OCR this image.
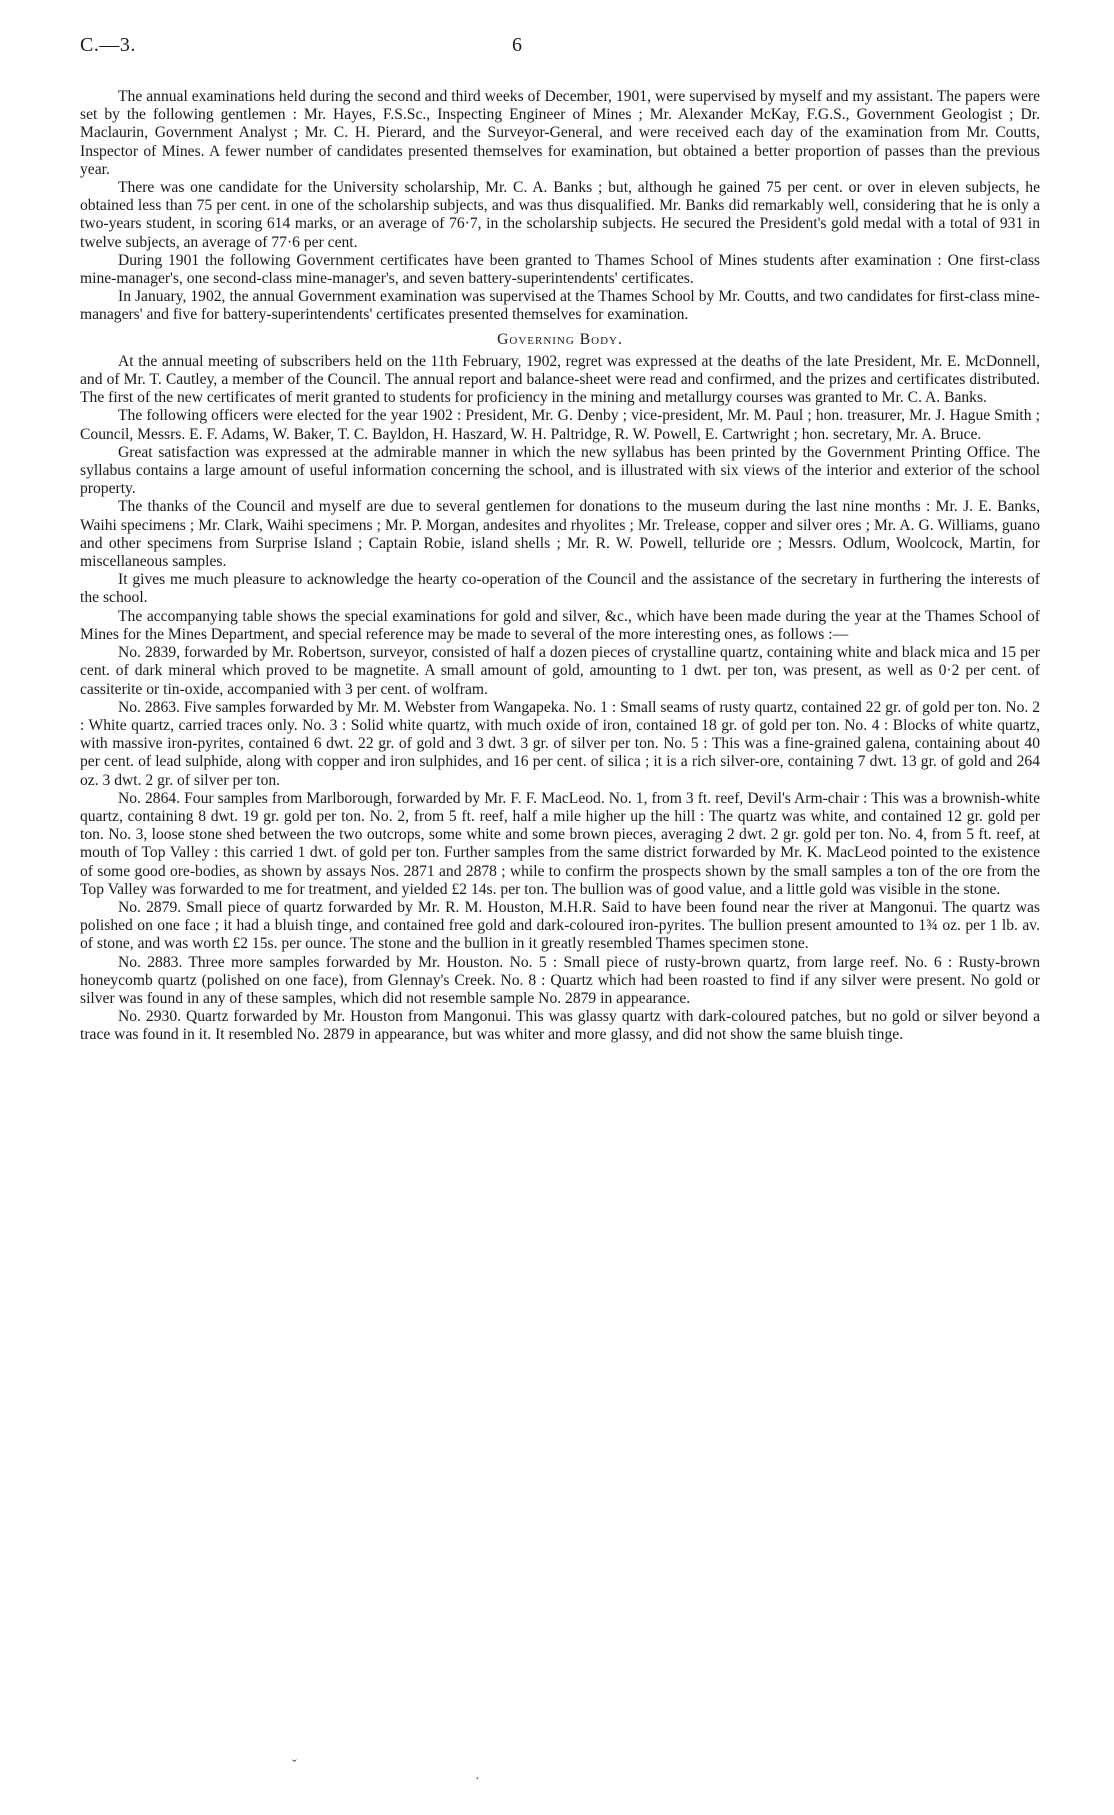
C.—3.	6

The annual examinations held during the second and third weeks of December, 1901, were supervised by myself and my assistant. The papers were set by the following gentlemen : Mr. Hayes, F.S.Sc., Inspecting Engineer of Mines ; Mr. Alexander McKay, F.G.S., Government Geologist ; Dr. Maclaurin, Government Analyst ; Mr. C. H. Pierard, and the Surveyor-General, and were received each day of the examination from Mr. Coutts, Inspector of Mines. A fewer number of candidates presented themselves for examination, but obtained a better proportion of passes than the previous year.

There was one candidate for the University scholarship, Mr. C. A. Banks ; but, although he gained 75 per cent. or over in eleven subjects, he obtained less than 75 per cent. in one of the scholarship subjects, and was thus disqualified. Mr. Banks did remarkably well, considering that he is only a two-years student, in scoring 614 marks, or an average of 76·7, in the scholarship subjects. He secured the President's gold medal with a total of 931 in twelve subjects, an average of 77·6 per cent.

During 1901 the following Government certificates have been granted to Thames School of Mines students after examination : One first-class mine-manager's, one second-class mine-manager's, and seven battery-superintendents' certificates.

In January, 1902, the annual Government examination was supervised at the Thames School by Mr. Coutts, and two candidates for first-class mine-managers' and five for battery-superintendents' certificates presented themselves for examination.

Governing Body.

At the annual meeting of subscribers held on the 11th February, 1902, regret was expressed at the deaths of the late President, Mr. E. McDonnell, and of Mr. T. Cautley, a member of the Council. The annual report and balance-sheet were read and confirmed, and the prizes and certificates distributed. The first of the new certificates of merit granted to students for proficiency in the mining and metallurgy courses was granted to Mr. C. A. Banks.

The following officers were elected for the year 1902 : President, Mr. G. Denby ; vice-president, Mr. M. Paul ; hon. treasurer, Mr. J. Hague Smith ; Council, Messrs. E. F. Adams, W. Baker, T. C. Bayldon, H. Haszard, W. H. Paltridge, R. W. Powell, E. Cartwright ; hon. secretary, Mr. A. Bruce.

Great satisfaction was expressed at the admirable manner in which the new syllabus has been printed by the Government Printing Office. The syllabus contains a large amount of useful information concerning the school, and is illustrated with six views of the interior and exterior of the school property.

The thanks of the Council and myself are due to several gentlemen for donations to the museum during the last nine months : Mr. J. E. Banks, Waihi specimens ; Mr. Clark, Waihi specimens ; Mr. P. Morgan, andesites and rhyolites ; Mr. Trelease, copper and silver ores ; Mr. A. G. Williams, guano and other specimens from Surprise Island ; Captain Robie, island shells ; Mr. R. W. Powell, telluride ore ; Messrs. Odlum, Woolcock, Martin, for miscellaneous samples.

It gives me much pleasure to acknowledge the hearty co-operation of the Council and the assistance of the secretary in furthering the interests of the school.

The accompanying table shows the special examinations for gold and silver, &c., which have been made during the year at the Thames School of Mines for the Mines Department, and special reference may be made to several of the more interesting ones, as follows :—

No. 2839, forwarded by Mr. Robertson, surveyor, consisted of half a dozen pieces of crystalline quartz, containing white and black mica and 15 per cent. of dark mineral which proved to be magnetite. A small amount of gold, amounting to 1 dwt. per ton, was present, as well as 0·2 per cent. of cassiterite or tin-oxide, accompanied with 3 per cent. of wolfram.

No. 2863. Five samples forwarded by Mr. M. Webster from Wangapeka. No. 1 : Small seams of rusty quartz, contained 22 gr. of gold per ton. No. 2 : White quartz, carried traces only. No. 3 : Solid white quartz, with much oxide of iron, contained 18 gr. of gold per ton. No. 4 : Blocks of white quartz, with massive iron-pyrites, contained 6 dwt. 22 gr. of gold and 3 dwt. 3 gr. of silver per ton. No. 5 : This was a fine-grained galena, containing about 40 per cent. of lead sulphide, along with copper and iron sulphides, and 16 per cent. of silica ; it is a rich silver-ore, containing 7 dwt. 13 gr. of gold and 264 oz. 3 dwt. 2 gr. of silver per ton.

No. 2864. Four samples from Marlborough, forwarded by Mr. F. F. MacLeod. No. 1, from 3 ft. reef, Devil's Arm-chair : This was a brownish-white quartz, containing 8 dwt. 19 gr. gold per ton. No. 2, from 5 ft. reef, half a mile higher up the hill : The quartz was white, and contained 12 gr. gold per ton. No. 3, loose stone shed between the two outcrops, some white and some brown pieces, averaging 2 dwt. 2 gr. gold per ton. No. 4, from 5 ft. reef, at mouth of Top Valley : this carried 1 dwt. of gold per ton. Further samples from the same district forwarded by Mr. K. MacLeod pointed to the existence of some good ore-bodies, as shown by assays Nos. 2871 and 2878 ; while to confirm the prospects shown by the small samples a ton of the ore from the Top Valley was forwarded to me for treatment, and yielded £2 14s. per ton. The bullion was of good value, and a little gold was visible in the stone.

No. 2879. Small piece of quartz forwarded by Mr. R. M. Houston, M.H.R. Said to have been found near the river at Mangonui. The quartz was polished on one face ; it had a bluish tinge, and contained free gold and dark-coloured iron-pyrites. The bullion present amounted to 1¾ oz. per 1 lb. av. of stone, and was worth £2 15s. per ounce. The stone and the bullion in it greatly resembled Thames specimen stone.

No. 2883. Three more samples forwarded by Mr. Houston. No. 5 : Small piece of rusty-brown quartz, from large reef. No. 6 : Rusty-brown honeycomb quartz (polished on one face), from Glennay's Creek. No. 8 : Quartz which had been roasted to find if any silver were present. No gold or silver was found in any of these samples, which did not resemble sample No. 2879 in appearance.

No. 2930. Quartz forwarded by Mr. Houston from Mangonui. This was glassy quartz with dark-coloured patches, but no gold or silver beyond a trace was found in it. It resembled No. 2879 in appearance, but was whiter and more glassy, and did not show the same bluish tinge.

ˇ
·
